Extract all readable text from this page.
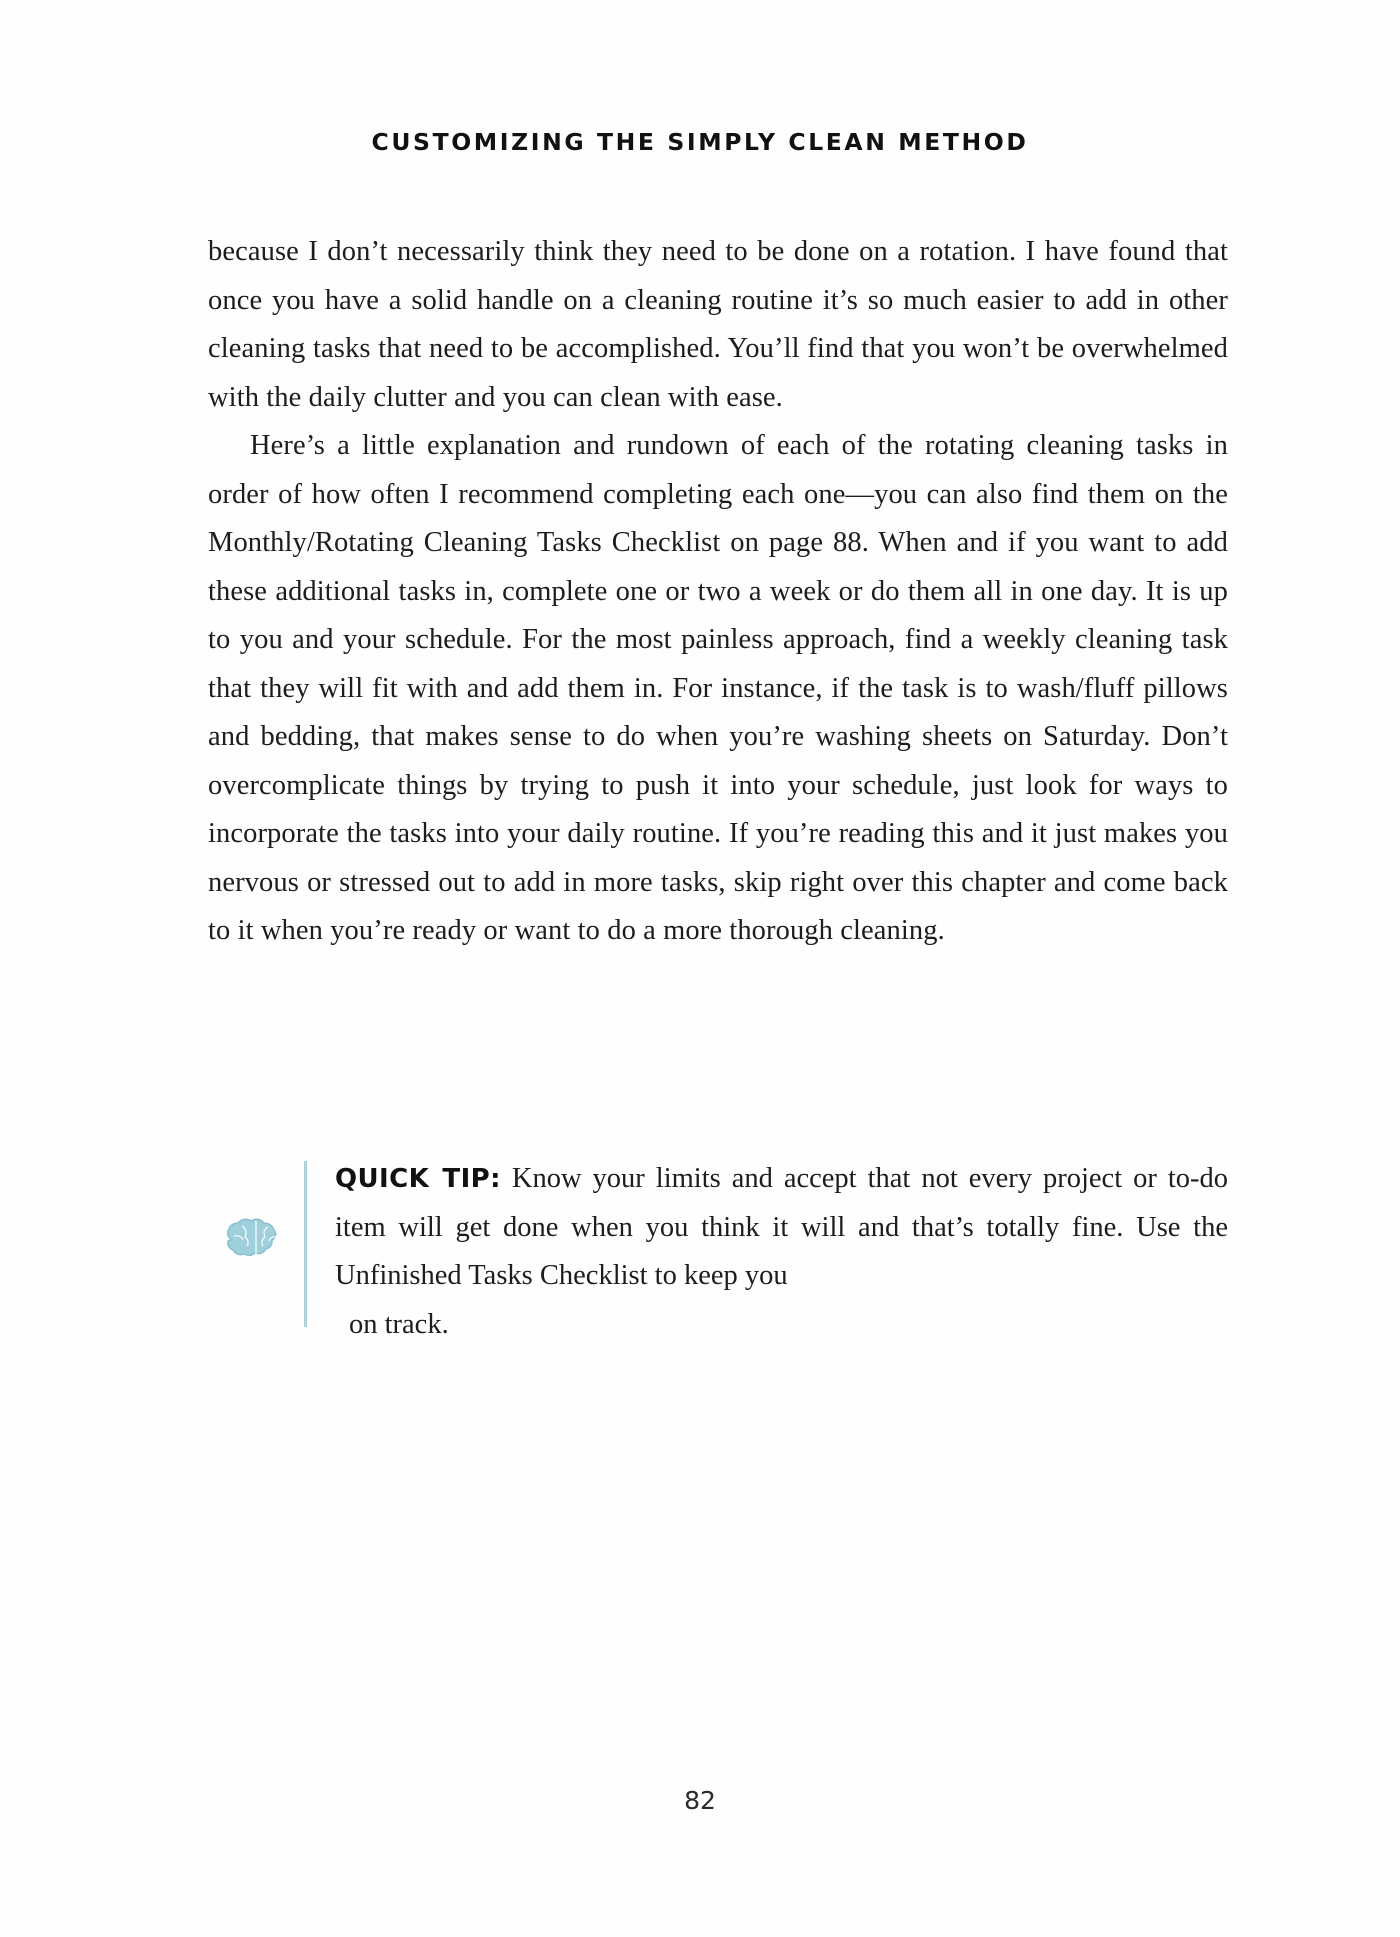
CUSTOMIZING THE SIMPLY CLEAN METHOD

because I don’t necessarily think they need to be done on a rotation. I have found that once you have a solid handle on a cleaning routine it’s so much easier to add in other cleaning tasks that need to be accomplished. You’ll find that you won’t be overwhelmed with the daily clutter and you can clean with ease.

Here’s a little explanation and rundown of each of the rotating cleaning tasks in order of how often I recommend completing each one—you can also find them on the Monthly/Rotating Cleaning Tasks Checklist on page 88. When and if you want to add these additional tasks in, complete one or two a week or do them all in one day. It is up to you and your schedule. For the most painless approach, find a weekly cleaning task that they will fit with and add them in. For instance, if the task is to wash/fluff pillows and bedding, that makes sense to do when you’re washing sheets on Saturday. Don’t overcomplicate things by trying to push it into your schedule, just look for ways to incorporate the tasks into your daily routine. If you’re reading this and it just makes you nervous or stressed out to add in more tasks, skip right over this chapter and come back to it when you’re ready or want to do a more thorough cleaning.

QUICK TIP: Know your limits and accept that not every project or to-do item will get done when you think it will and that’s totally fine. Use the Unfinished Tasks Checklist to keep you
on track.
82
